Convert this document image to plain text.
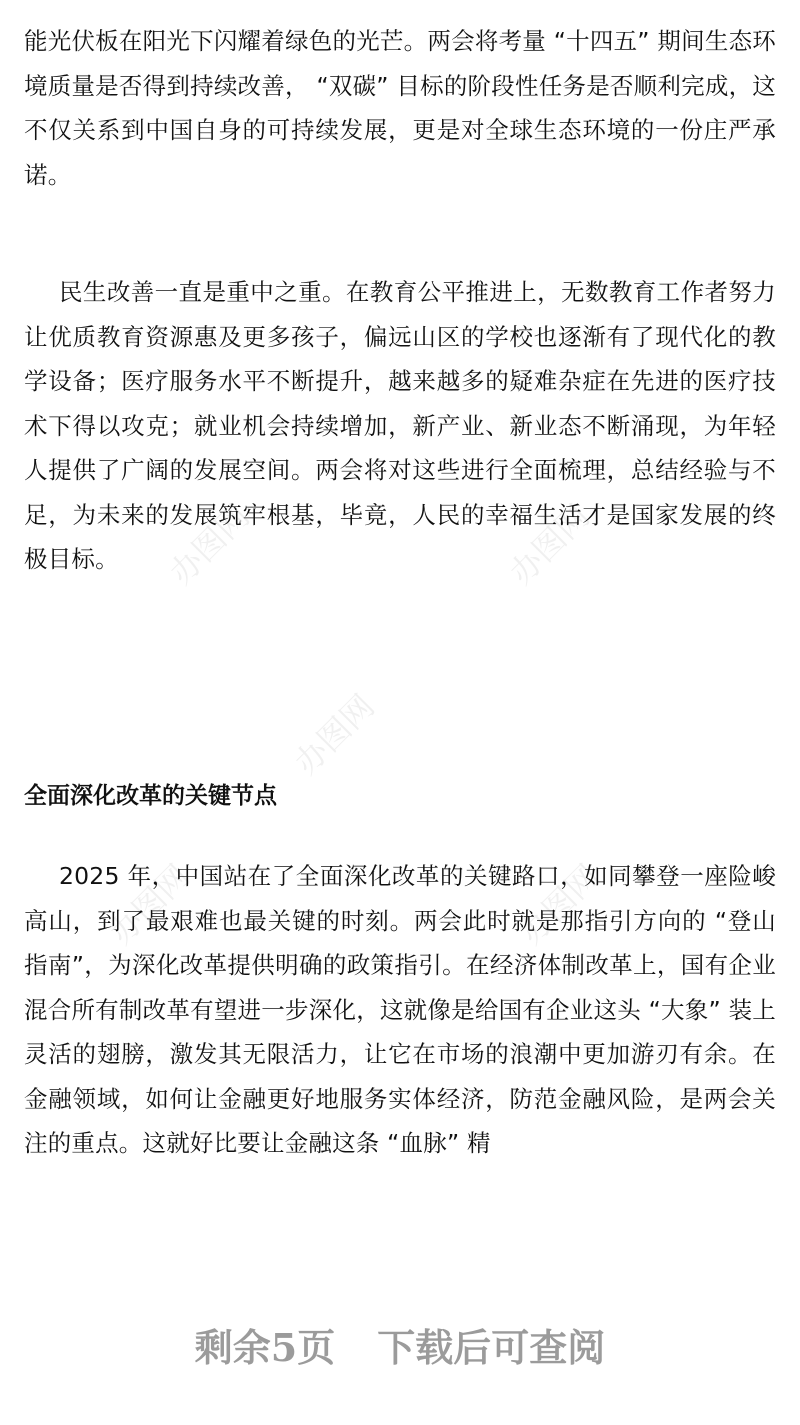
办图网	办图网
办图网
办图网	办图网

能光伏板在阳光下闪耀着绿色的光芒。两会将考量 “十四五” 期间生态环境质量是否得到持续改善， “双碳” 目标的阶段性任务是否顺利完成，这不仅关系到中国自身的可持续发展，更是对全球生态环境的一份庄严承诺。

民生改善一直是重中之重。在教育公平推进上，无数教育工作者努力让优质教育资源惠及更多孩子，偏远山区的学校也逐渐有了现代化的教学设备；医疗服务水平不断提升，越来越多的疑难杂症在先进的医疗技术下得以攻克；就业机会持续增加，新产业、新业态不断涌现，为年轻人提供了广阔的发展空间。两会将对这些进行全面梳理，总结经验与不足，为未来的发展筑牢根基，毕竟，人民的幸福生活才是国家发展的终极目标。

全面深化改革的关键节点

2025 年，中国站在了全面深化改革的关键路口，如同攀登一座险峻高山，到了最艰难也最关键的时刻。两会此时就是那指引方向的 “登山指南”，为深化改革提供明确的政策指引。在经济体制改革上，国有企业混合所有制改革有望进一步深化，这就像是给国有企业这头 “大象” 装上灵活的翅膀，激发其无限活力，让它在市场的浪潮中更加游刃有余。在金融领域，如何让金融更好地服务实体经济，防范金融风险，是两会关注的重点。这就好比要让金融这条 “血脉” 精

剩余5页 下载后可查阅
